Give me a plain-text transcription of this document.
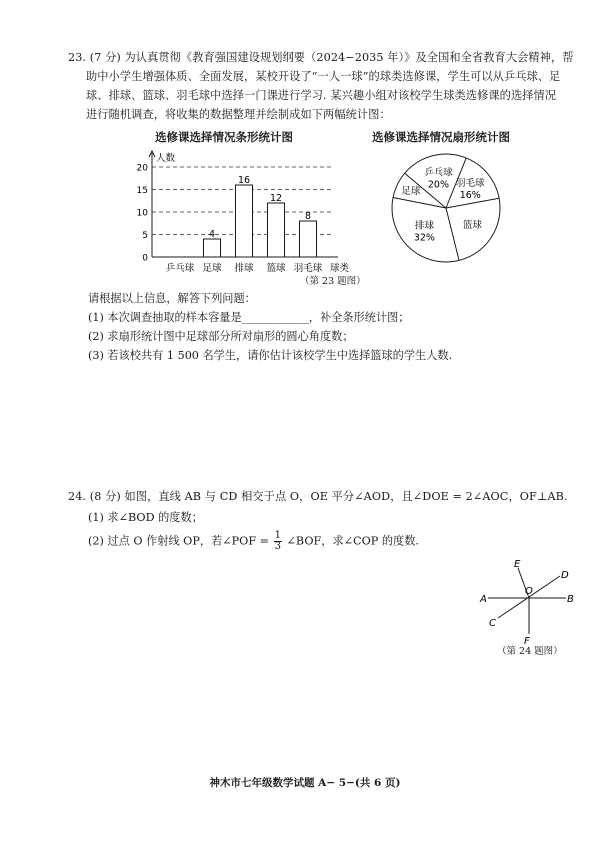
23. (7 分) 为认真贯彻《教育强国建设规划纲要（2024−2035 年）》及全国和全省教育大会精神，帮
助中小学生增强体质、全面发展，某校开设了“一人一球”的球类选修课，学生可以从乒乓球、足
球、排球、篮球、羽毛球中选择一门课进行学习. 某兴趣小组对该校学生球类选修课的选择情况
进行随机调查，将收集的数据整理并绘制成如下两幅统计图：
选修课选择情况条形统计图	选修课选择情况扇形统计图
0
5
10
15
20
人数
球类
乒乓球 足球
4
排球
16
篮球
12
羽毛球
8
（第 23 题图）
乒乓球
20% 羽毛球
16%
篮球
排球
32%
足球
请根据以上信息，解答下列问题：
(1) 本次调查抽取的样本容量是____________，补全条形统计图；
(2) 求扇形统计图中足球部分所对扇形的圆心角度数；
(3) 若该校共有 1 500 名学生，请你估计该校学生中选择篮球的学生人数.
24. (8 分) 如图，直线 AB 与 CD 相交于点 O，OE 平分∠AOD，且∠DOE = 2∠AOC，OF⊥AB.
(1) 求∠BOD 的度数；
(2) 过点 O 作射线 OP，若∠POF = $\frac{1}{3}$ ∠BOF，求∠COP 的度数.
A	B
C
D
E
F
O
（第 24 题图）
神木市七年级数学试题 A− 5−(共 6 页)
